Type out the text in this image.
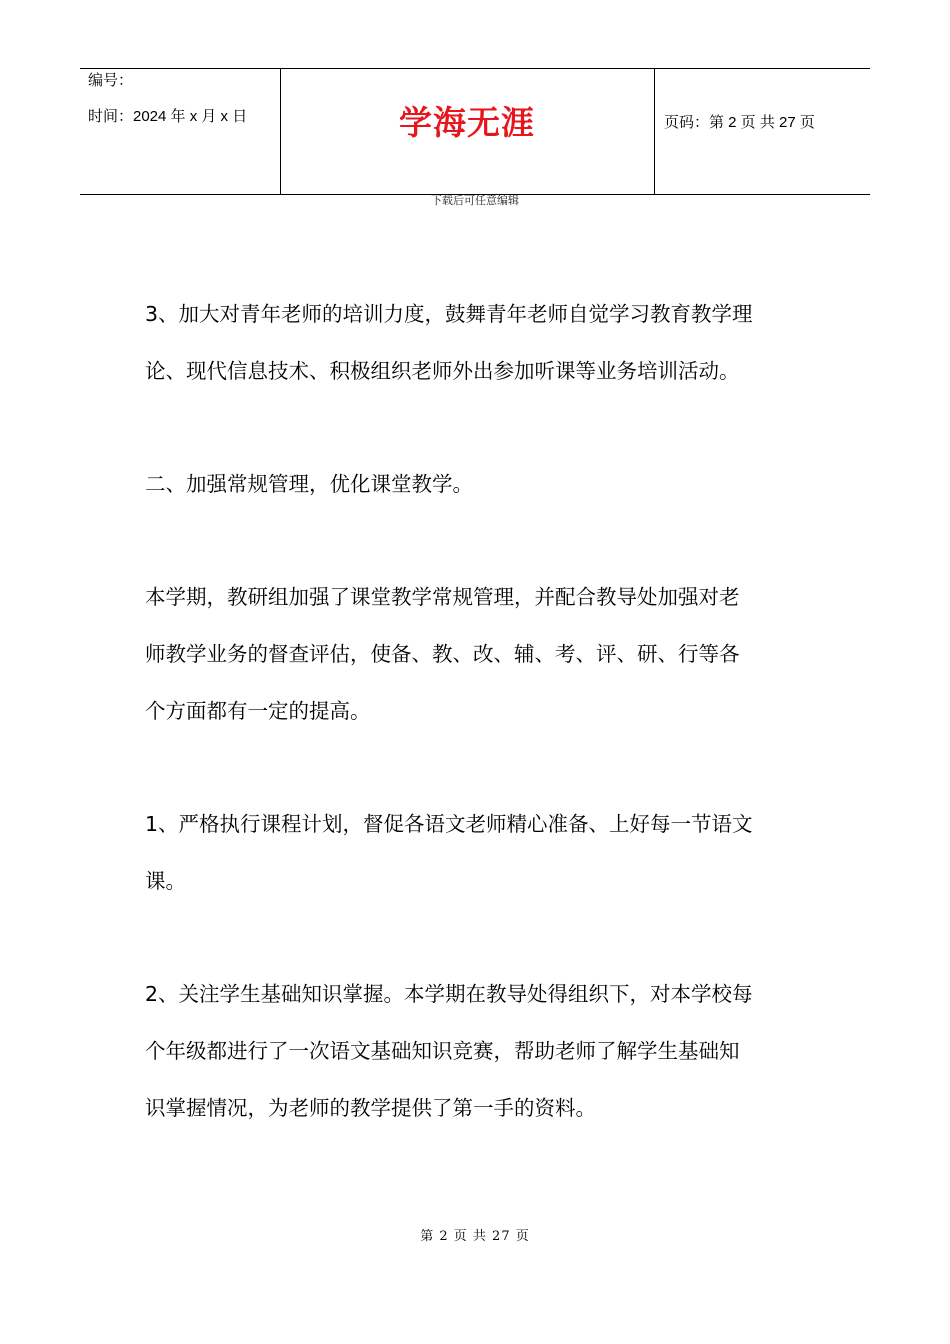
编号：
时间：2024 年 x 月 x 日	学海无涯	页码：第 2 页 共 27 页
下载后可任意编辑

3、加大对青年老师的培训力度，鼓舞青年老师自觉学习教育教学理
论、现代信息技术、积极组织老师外出参加听课等业务培训活动。

二、加强常规管理，优化课堂教学。

本学期，教研组加强了课堂教学常规管理，并配合教导处加强对老
师教学业务的督查评估，使备、教、改、辅、考、评、研、行等各
个方面都有一定的提高。

1、严格执行课程计划，督促各语文老师精心准备、上好每一节语文
课。

2、关注学生基础知识掌握。本学期在教导处得组织下，对本学校每
个年级都进行了一次语文基础知识竞赛，帮助老师了解学生基础知
识掌握情况，为老师的教学提供了第一手的资料。

第 2 页 共 27 页
